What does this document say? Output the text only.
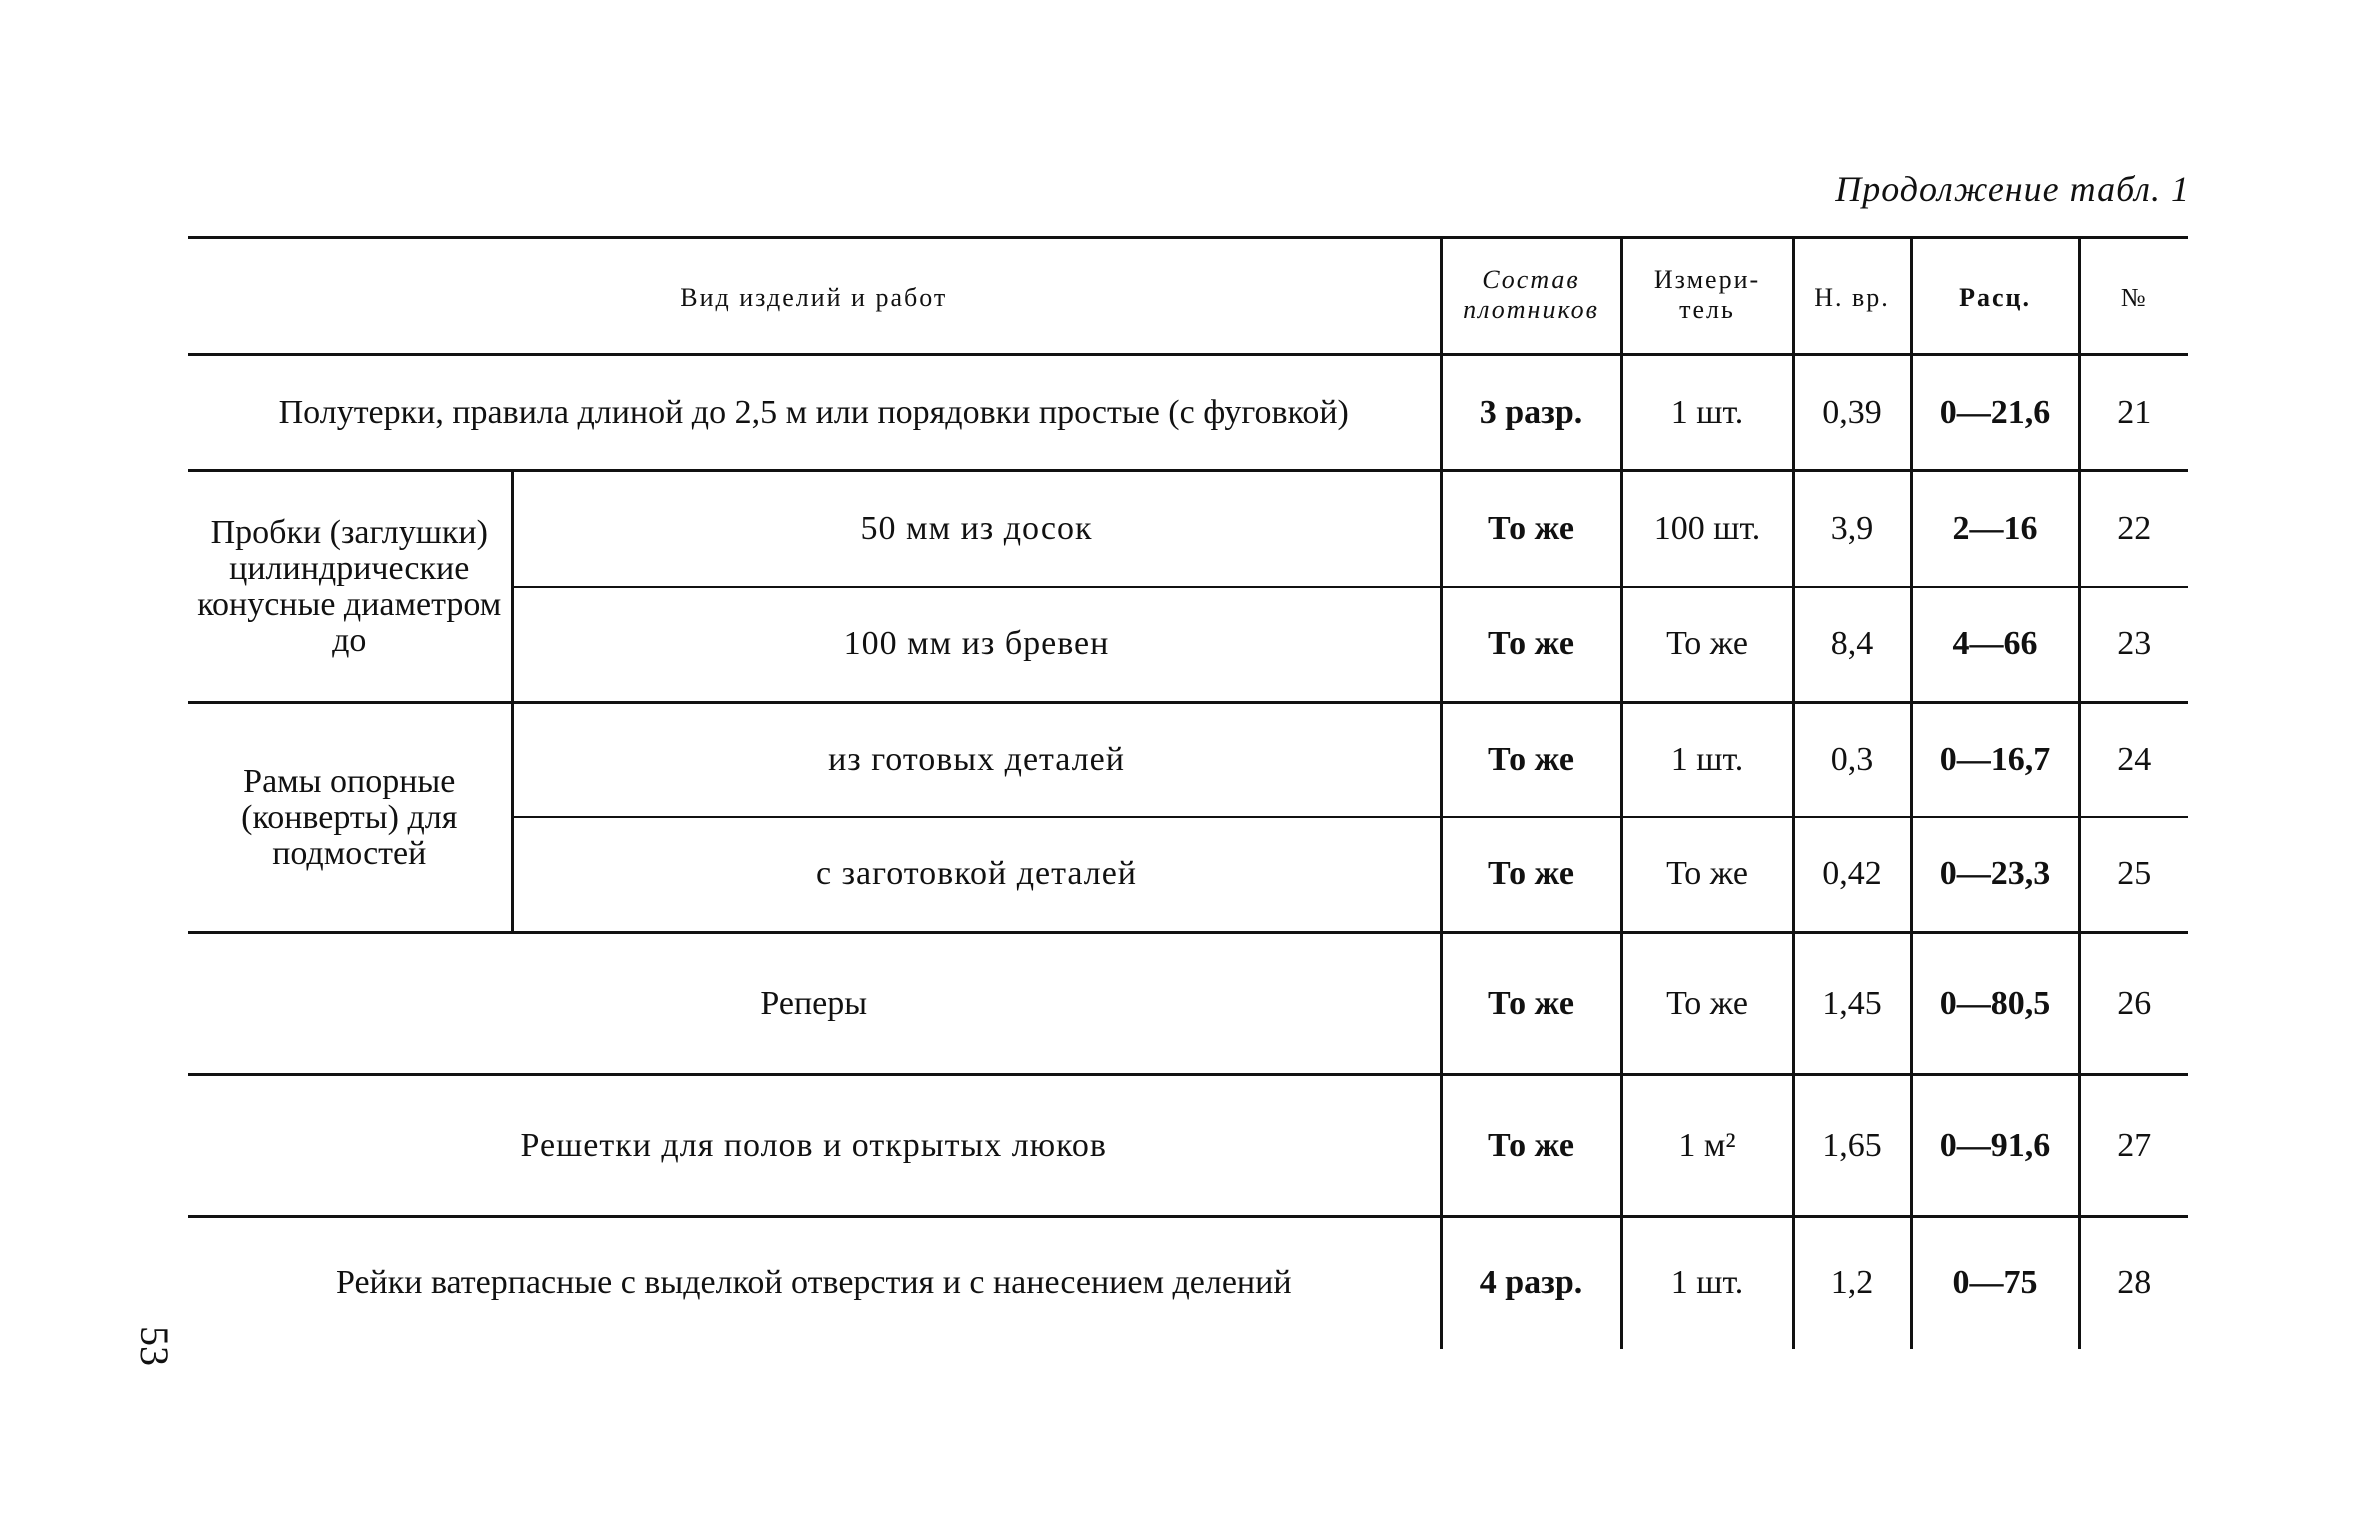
Продолжение табл. 1
Вид изделий и работ		Состав плотников	Измери-тель	Н. вр.	Расц.	№
Полутерки, правила длиной до 2,5 м или порядовки простые (с фуговкой)		3 разр.	1 шт.	0,39	0—21,6	21
Пробки (заглушки) цилиндрические конусные диаметром до	50 мм из досок	То же	100 шт.	3,9	2—16	22
	100 мм из бревен	То же	То же	8,4	4—66	23
Рамы опорные (конверты) для подмостей	из готовых деталей	То же	1 шт.	0,3	0—16,7	24
	с заготовкой деталей	То же	То же	0,42	0—23,3	25
Реперы		То же	То же	1,45	0—80,5	26
Решетки для полов и открытых люков		То же	1 м²	1,65	0—91,6	27
Рейки ватерпасные с выделкой отверстия и с нанесением делений		4 разр.	1 шт.	1,2	0—75	28
53
